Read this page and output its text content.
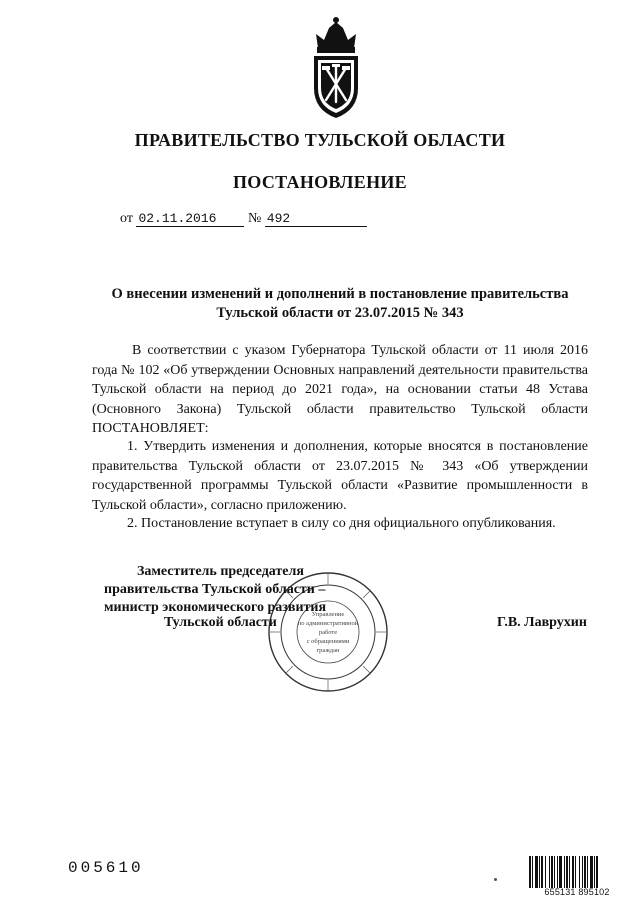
ПРАВИТЕЛЬСТВО ТУЛЬСКОЙ ОБЛАСТИ
ПОСТАНОВЛЕНИЕ
от 02.11.2016 № 492
О внесении изменений и дополнений в постановление правительства
Тульской области от 23.07.2015 № 343
В соответствии с указом Губернатора Тульской области от 11 июля 2016 года № 102 «Об утверждении Основных направлений деятельности правительства Тульской области на период до 2021 года», на основании статьи 48 Устава (Основного Закона) Тульской области правительство Тульской области ПОСТАНОВЛЯЕТ:
1. Утвердить изменения и дополнения, которые вносятся в постановление правительства Тульской области от 23.07.2015 № 343 «Об утверждении государственной программы Тульской области «Развитие промышленности в Тульской области», согласно приложению.
2. Постановление вступает в силу со дня официального опубликования.
Управление
по административной
работе
с обращениями
граждан
Заместитель председателя
правительства Тульской области –
министр экономического развития
Тульской области	Г.В. Лаврухин
005610
655131 895102
